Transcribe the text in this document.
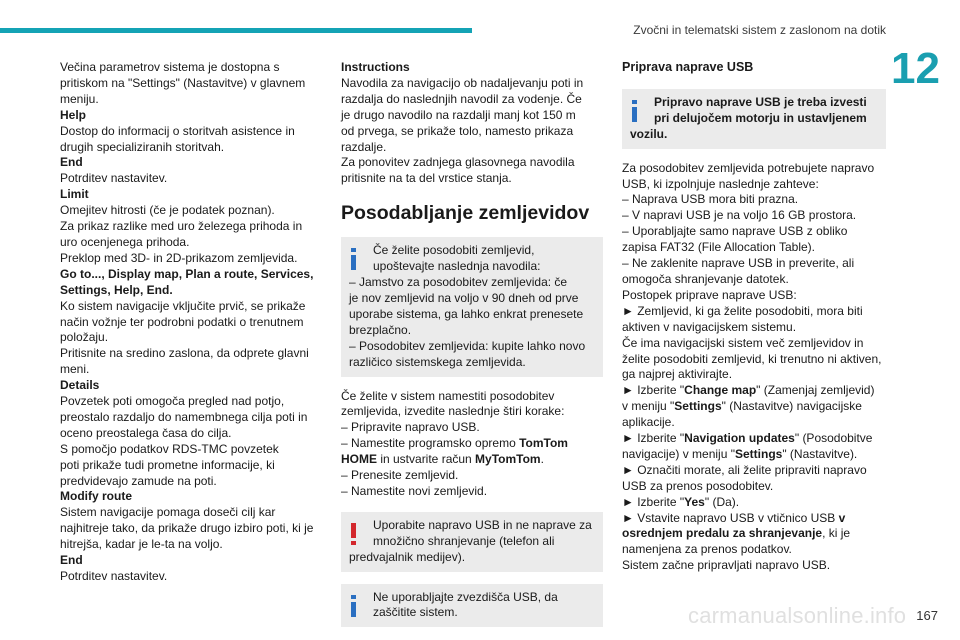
Zvočni in telematski sistem z zaslonom na dotik
12
Večina parametrov sistema je dostopna s
pritiskom na "Settings" (Nastavitve) v glavnem
meniju.
Help
Dostop do informacij o storitvah asistence in
drugih specializiranih storitvah.
End
Potrditev nastavitev.
Limit
Omejitev hitrosti (če je podatek poznan).
Za prikaz razlike med uro železega prihoda in
uro ocenjenega prihoda.
Preklop med 3D- in 2D-prikazom zemljevida.
Go to..., Display map, Plan a route, Services,
Settings, Help, End.
Ko sistem navigacije vključite prvič, se prikaže
način vožnje ter podrobni podatki o trenutnem
položaju.
Pritisnite na sredino zaslona, da odprete glavni
meni.
Details
Povzetek poti omogoča pregled nad potjo,
preostalo razdaljo do namembnega cilja poti in
oceno preostalega časa do cilja.
S pomočjo podatkov RDS-TMC povzetek
poti prikaže tudi prometne informacije, ki
predvidevajo zamude na poti.
Modify route
Sistem navigacije pomaga doseči cilj kar
najhitreje tako, da prikaže drugo izbiro poti, ki je
hitrejša, kadar je le-ta na voljo.
End
Potrditev nastavitev.
Instructions
Navodila za navigacijo ob nadaljevanju poti in
razdalja do naslednjih navodil za vodenje. Če
je drugo navodilo na razdalji manj kot 150 m
od prvega, se prikaže tolo, namesto prikaza
razdalje.
Za ponovitev zadnjega glasovnega navodila
pritisnite na ta del vrstice stanja.
Posodabljanje zemljevidov
Če želite posodobiti zemljevid,
upoštevajte naslednja navodila:
– Jamstvo za posodobitev zemljevida: če
je nov zemljevid na voljo v 90 dneh od prve
uporabe sistema, ga lahko enkrat prenesete
brezplačno.
– Posodobitev zemljevida: kupite lahko novo
različico sistemskega zemljevida.
Če želite v sistem namestiti posodobitev
zemljevida, izvedite naslednje štiri korake:
– Pripravite napravo USB.
– Namestite programsko opremo TomTom
HOME in ustvarite račun MyTomTom.
– Prenesite zemljevid.
– Namestite novi zemljevid.
Uporabite napravo USB in ne naprave za
množično shranjevanje (telefon ali
predvajalnik medijev).
Ne uporabljajte zvezdišča USB, da
zaščitite sistem.
Priprava naprave USB
Pripravo naprave USB je treba izvesti
pri delujočem motorju in ustavljenem
vozilu.
Za posodobitev zemljevida potrebujete napravo
USB, ki izpolnjuje naslednje zahteve:
– Naprava USB mora biti prazna.
– V napravi USB je na voljo 16 GB prostora.
– Uporabljajte samo naprave USB z obliko
zapisa FAT32 (File Allocation Table).
– Ne zaklenite naprave USB in preverite, ali
omogoča shranjevanje datotek.
Postopek priprave naprave USB:
► Zemljevid, ki ga želite posodobiti, mora biti
aktiven v navigacijskem sistemu.
Če ima navigacijski sistem več zemljevidov in
želite posodobiti zemljevid, ki trenutno ni aktiven,
ga najprej aktivirajte.
► Izberite "Change map" (Zamenjaj zemljevid)
v meniju "Settings" (Nastavitve) navigacijske
aplikacije.
► Izberite "Navigation updates" (Posodobitve
navigacije) v meniju "Settings" (Nastavitve).
► Označiti morate, ali želite pripraviti napravo
USB za prenos posodobitev.
► Izberite "Yes" (Da).
► Vstavite napravo USB v vtičnico USB v
osrednjem predalu za shranjevanje, ki je
namenjena za prenos podatkov.
Sistem začne pripravljati napravo USB.
carmanualsonline.info 167
